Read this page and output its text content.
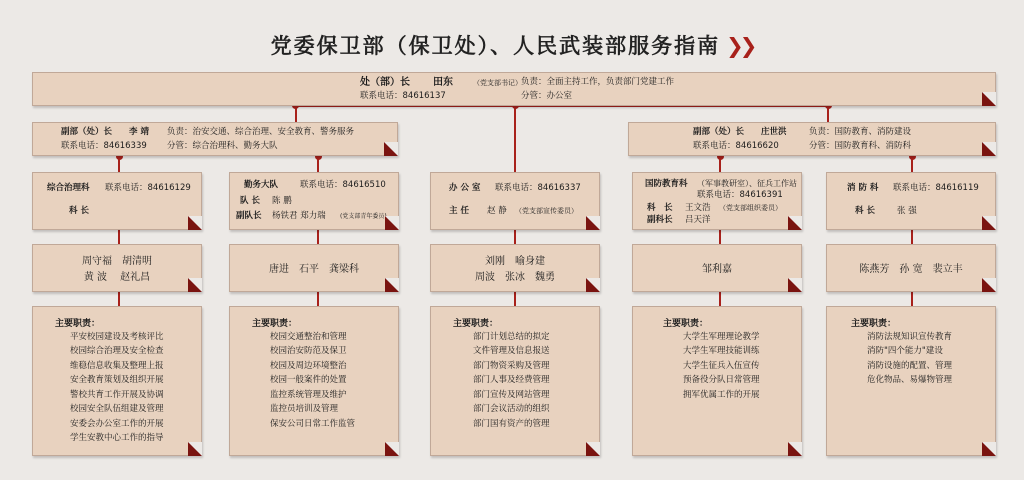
党委保卫部（保卫处）、人民武装部服务指南 ❯❯
处（部）长 田东	（党支部书记）
联系电话：84616137
负责：全面主持工作，负责部门党建工作
分管：办公室
副部（处）长 李 靖
联系电话：84616339
负责：治安交通、综合治理、安全教育、警务服务
分管：综合治理科、勤务大队
副部（处）长 庄世洪
联系电话：84616620
负责：国防教育、消防建设
分管：国防教育科、消防科
综合治理科 联系电话：84616129
科 长
周守福　胡清明
黄 波　 赵礼昌
主要职责：
平安校园建设及考核评比
校园综合治理及安全检查
维稳信息收集及整理上报
安全教育策划及组织开展
警校共育工作开展及协调
校园安全队伍组建及管理
安委会办公室工作的开展
学生安教中心工作的指导
勤务大队	联系电话：84616510
队 长 陈 鹏
副队长 杨铁君 郑力瑞 (党支部青年委员)
唐进　石平　龚梁科
主要职责：
校园交通整治和管理
校园治安防范及保卫
校园及周边环境整治
校园一般案件的处置
监控系统管理及维护
监控员培训及管理
保安公司日常工作监管
办 公 室 联系电话：84616337
主 任 赵 静 （党支部宣传委员）
刘刚　喻身建
周波　张冰　魏勇
主要职责：
部门计划总结的拟定
文件管理及信息报送
部门物资采购及管理
部门人事及经费管理
部门宣传及网站管理
部门会议活动的组织
部门国有资产的管理
国防教育科 （军事教研室）、征兵工作站
联系电话：84616391
科　长 王文浩 （党支部组织委员）
副科长 吕天洋
邹利嘉
主要职责：
大学生军理理论教学
大学生军理技能训练
大学生征兵入伍宣传
预备役分队日常管理
拥军优属工作的开展
消 防 科 联系电话：84616119
科 长	张 强
陈燕芳　孙 宽　裴立丰
主要职责：
消防法规知识宣传教育
消防"四个能力"建设
消防设施的配置、管理
危化物品、易爆物管理
